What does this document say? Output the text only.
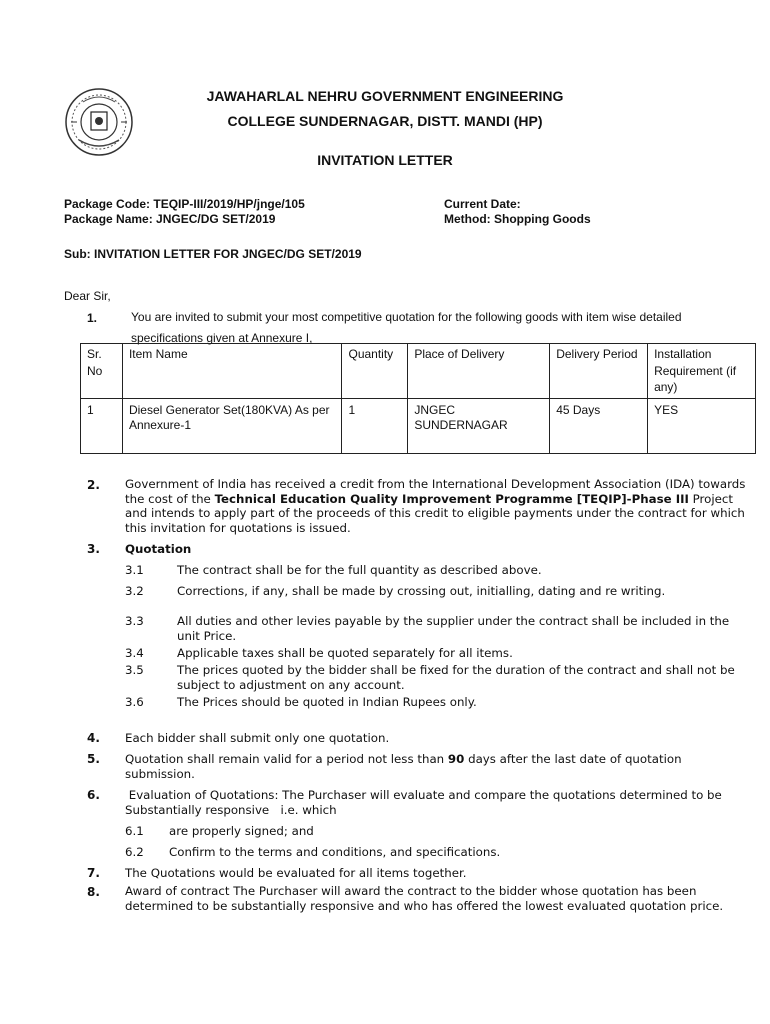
JAWAHARLAL NEHRU GOVERNMENT ENGINEERING
COLLEGE SUNDERNAGAR, DISTT. MANDI (HP)
INVITATION LETTER
Package Code: TEQIP-III/2019/HP/jnge/105
Package Name: JNGEC/DG SET/2019
Current Date:
Method: Shopping Goods
Sub: INVITATION LETTER FOR JNGEC/DG SET/2019
Dear Sir,
1.	You are invited to submit your most competitive quotation for the following goods with item wise detailed
specifications given at Annexure I,
Sr. No	Item Name	Quantity	Place of Delivery	Delivery Period	Installation Requirement (if any)
1	Diesel Generator Set(180KVA) As per Annexure-1	1	JNGEC SUNDERNAGAR	45 Days	YES
2. Government of India has received a credit from the International Development Association (IDA) towards the cost of the Technical Education Quality Improvement Programme [TEQIP]-Phase III Project and intends to apply part of the proceeds of this credit to eligible payments under the contract for which this invitation for quotations is issued.
3. Quotation
3.1	The contract shall be for the full quantity as described above.
3.2	Corrections, if any, shall be made by crossing out, initialling, dating and re writing.
3.3	All duties and other levies payable by the supplier under the contract shall be included in the unit Price.
3.4	Applicable taxes shall be quoted separately for all items.
3.5	The prices quoted by the bidder shall be fixed for the duration of the contract and shall not be subject to adjustment on any account.
3.6	The Prices should be quoted in Indian Rupees only.
4. Each bidder shall submit only one quotation.
5. Quotation shall remain valid for a period not less than 90 days after the last date of quotation submission.
6. Evaluation of Quotations: The Purchaser will evaluate and compare the quotations determined to be Substantially responsive   i.e. which
6.1 are properly signed; and
6.2 Confirm to the terms and conditions, and specifications.
7. The Quotations would be evaluated for all items together.
8. Award of contract The Purchaser will award the contract to the bidder whose quotation has been determined to be substantially responsive and who has offered the lowest evaluated quotation price.
